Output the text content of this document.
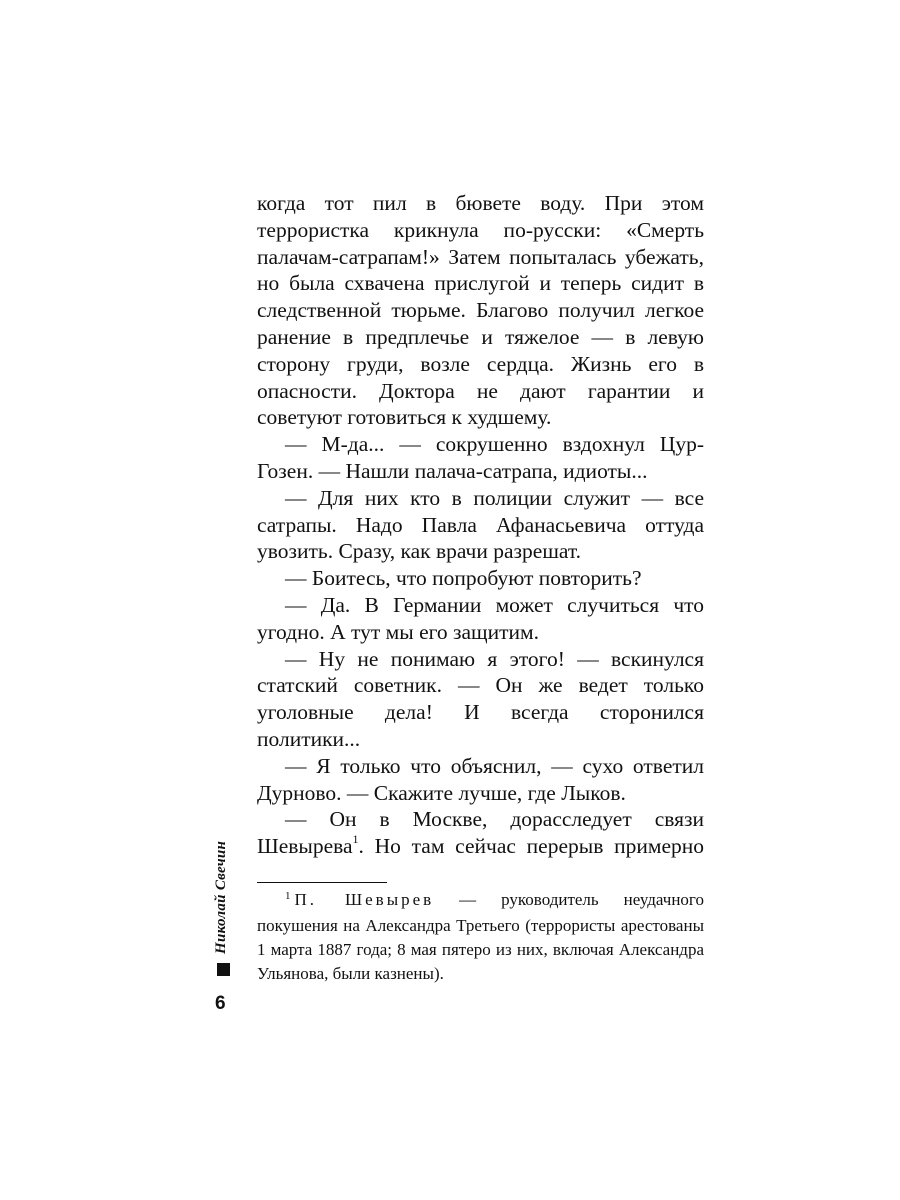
когда тот пил в бювете воду. При этом террористка крикнула по-русски: «Смерть палачам-сатрапам!» Затем попыталась убежать, но была схвачена прислугой и теперь сидит в следственной тюрьме. Благово получил легкое ранение в предплечье и тяжелое — в левую сторону груди, возле сердца. Жизнь его в опасности. Доктора не дают гарантии и советуют готовиться к худшему.

— М-да... — сокрушенно вздохнул Цур-Гозен. — Нашли палача-сатрапа, идиоты...

— Для них кто в полиции служит — все сатрапы. Надо Павла Афанасьевича оттуда увозить. Сразу, как врачи разрешат.

— Боитесь, что попробуют повторить?

— Да. В Германии может случиться что угодно. А тут мы его защитим.

— Ну не понимаю я этого! — вскинулся статский советник. — Он же ведет только уголовные дела! И всегда сторонился политики...

— Я только что объяснил, — сухо ответил Дурново. — Скажите лучше, где Лыков.

— Он в Москве, дорасследует связи Шевырева$^1$. Но там сейчас перерыв примерно

$^1$ П. Шевырев — руководитель неудачного покушения на Александра Третьего (террористы арестованы 1 марта 1887 года; 8 мая пятеро из них, включая Александра Ульянова, были казнены).

Николай Свечин
6
